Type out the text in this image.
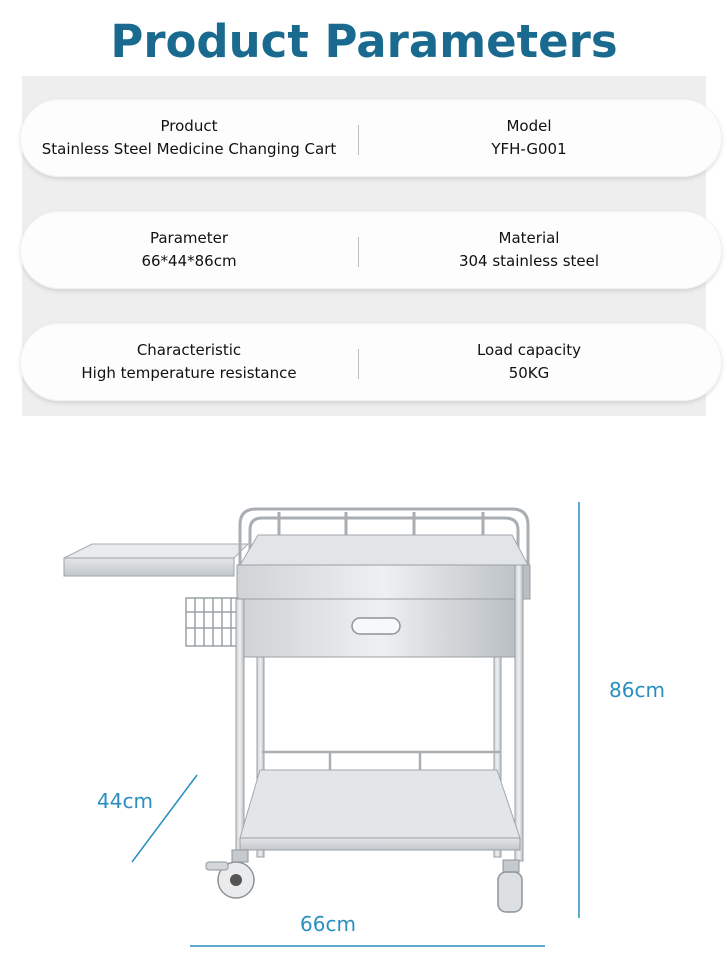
Product Parameters
Product
Stainless Steel Medicine Changing Cart
Model
YFH-G001
Parameter
66*44*86cm
Material
304 stainless steel
Characteristic
High temperature resistance
Load capacity
50KG
86cm
44cm
66cm
